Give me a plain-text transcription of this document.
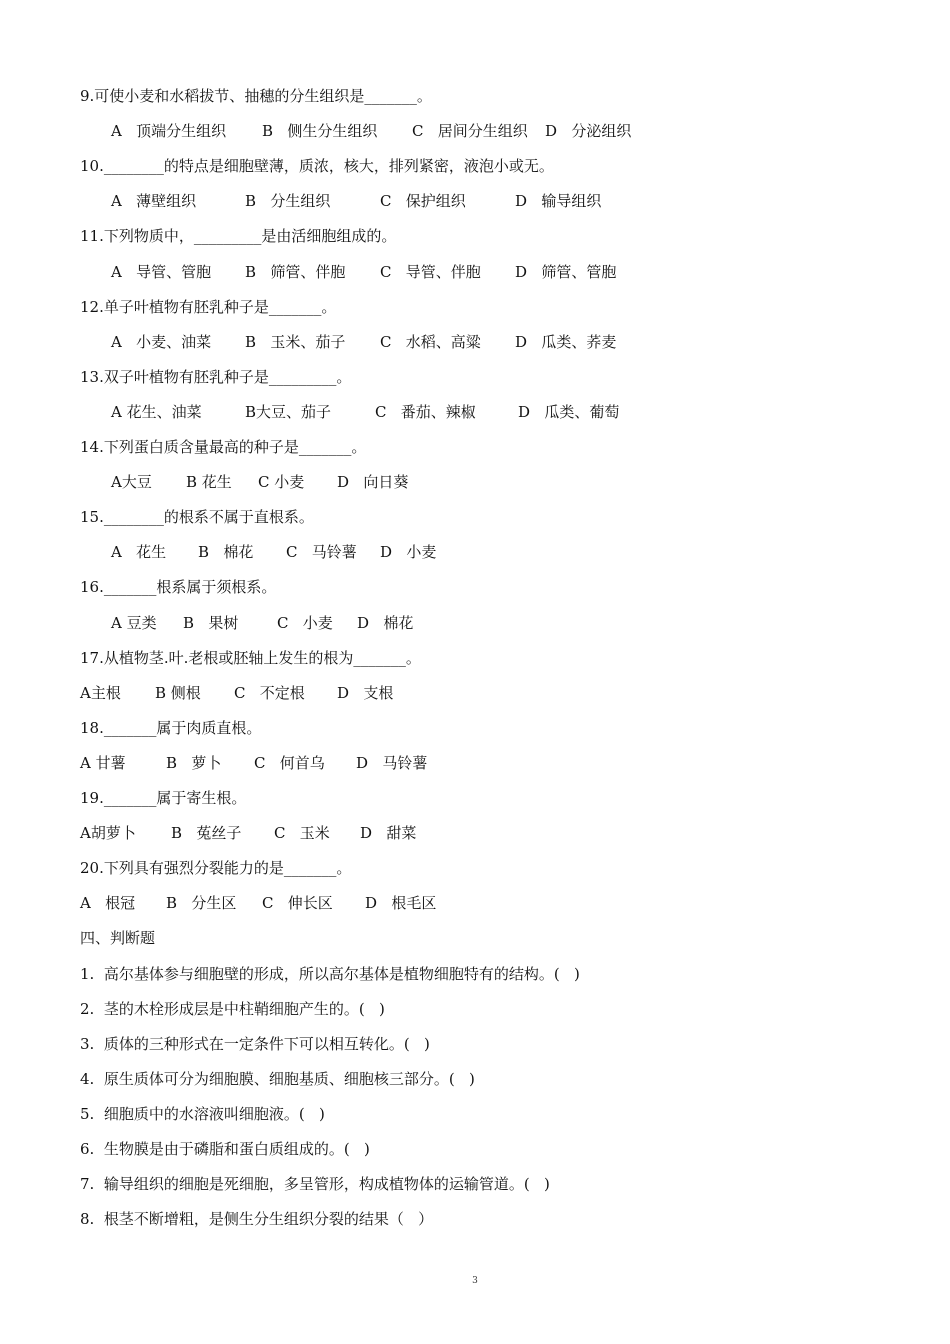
9.可使小麦和水稻拔节、抽穗的分生组织是_______。
A   顶端分生组织 B   侧生分生组织 C   居间分生组织 D   分泌组织
10.________的特点是细胞壁薄，质浓，核大，排列紧密，液泡小或无。
A   薄壁组织	B   分生组织	C   保护组织	D   输导组织
11.下列物质中，_________是由活细胞组成的。
A   导管、管胞 B   筛管、伴胞 C   导管、伴胞 D   筛管、管胞
12.单子叶植物有胚乳种子是_______。
A   小麦、油菜 B   玉米、茄子 C   水稻、高粱 D   瓜类、荞麦
13.双子叶植物有胚乳种子是_________。
A 花生、油菜	B大豆、茄子	C   番茄、辣椒	D   瓜类、葡萄
14.下列蛋白质含量最高的种子是_______。
A大豆 B 花生 C 小麦 D   向日葵
15.________的根系不属于直根系。
A   花生 B   棉花 C   马铃薯 D   小麦
16._______根系属于须根系。
A 豆类 B   果树	C   小麦 D   棉花
17.从植物茎.叶.老根或胚轴上发生的根为_______。
A主根 B 侧根 C   不定根 D   支根
18._______属于肉质直根。
A 甘薯	B   萝卜 C   何首乌 D   马铃薯
19._______属于寄生根。
A胡萝卜 B   菟丝子 C   玉米 D   甜菜
20.下列具有强烈分裂能力的是_______。
A   根冠 B   分生区 C   伸长区 D   根毛区
四、判断题
1.  高尔基体参与细胞壁的形成，所以高尔基体是植物细胞特有的结构。(   )
2.  茎的木栓形成层是中柱鞘细胞产生的。(   )
3.  质体的三种形式在一定条件下可以相互转化。(   )
4.  原生质体可分为细胞膜、细胞基质、细胞核三部分。(   )
5.  细胞质中的水溶液叫细胞液。(   )
6.  生物膜是由于磷脂和蛋白质组成的。(   )
7.  输导组织的细胞是死细胞，多呈管形，构成植物体的运输管道。(   )
8.  根茎不断增粗，是侧生分生组织分裂的结果（   ）
3
